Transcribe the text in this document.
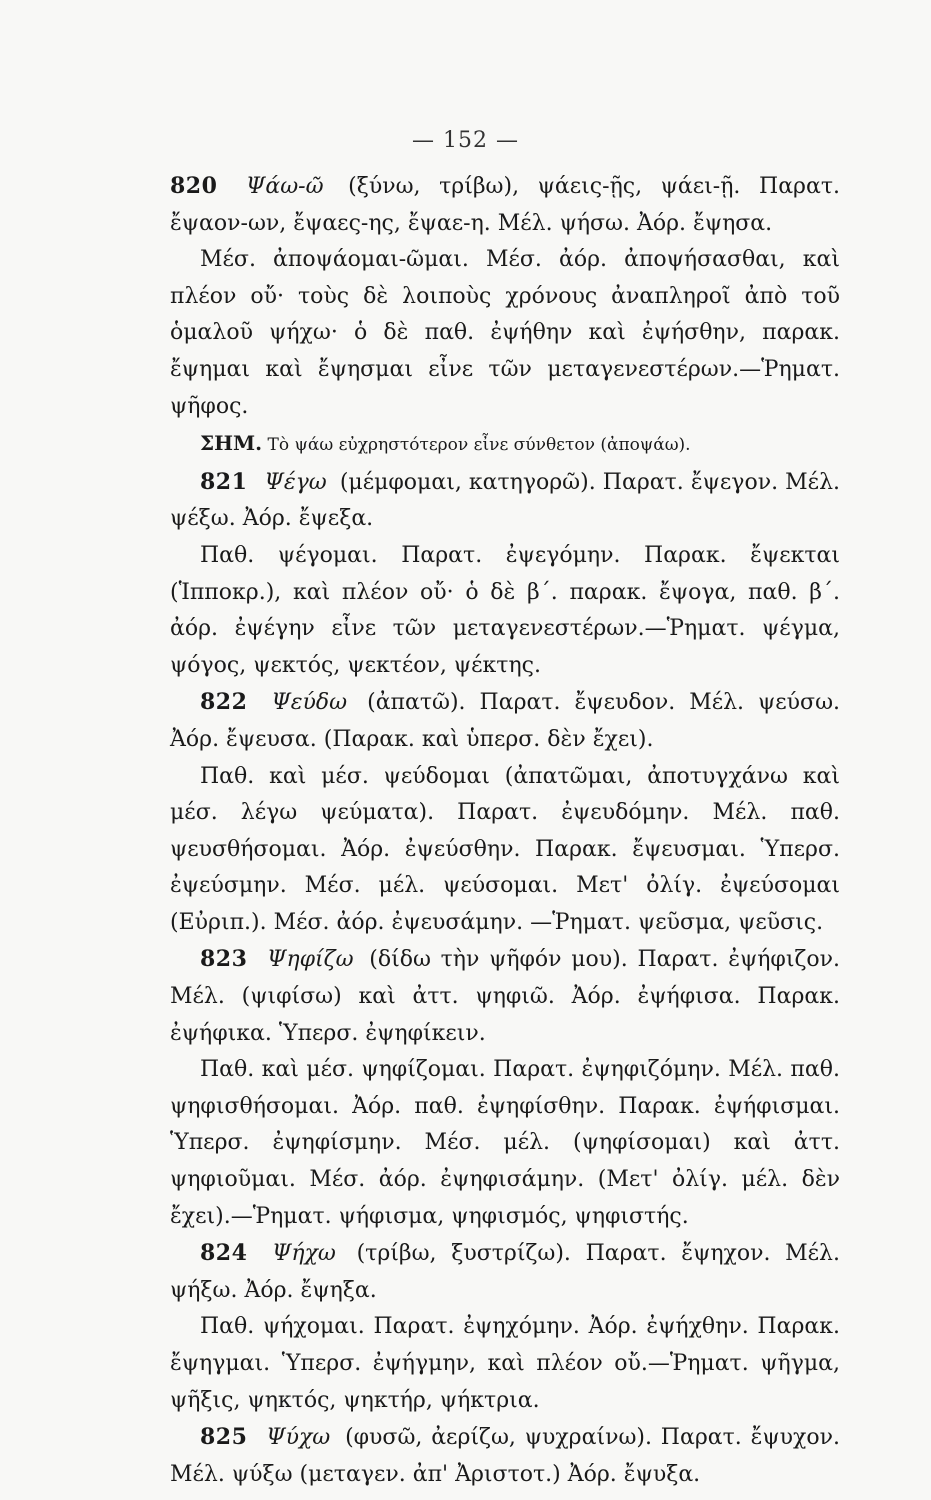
— 152 —

820 Ψάω-ῶ (ξύνω, τρίβω), ψάεις-ῇς, ψάει-ῇ. Παρατ. ἔψαον-ων, ἔψαες-ης, ἔψαε-η. Μέλ. ψήσω. Ἀόρ. ἔψησα.

Μέσ. ἀποψάομαι-ῶμαι. Μέσ. ἀόρ. ἀποψήσασθαι, καὶ πλέον οὔ· τοὺς δὲ λοιποὺς χρόνους ἀναπληροῖ ἀπὸ τοῦ ὁμαλοῦ ψήχω· ὁ δὲ παθ. ἐψήθην καὶ ἐψήσθην, παρακ. ἔψημαι καὶ ἔψησμαι εἶνε τῶν μεταγενεστέρων.—Ῥηματ. ψῆφος.

ΣΗΜ. Τὸ ψάω εὐχρηστότερον εἶνε σύνθετον (ἀποψάω).

821 Ψέγω (μέμφομαι, κατηγορῶ). Παρατ. ἔψεγον. Μέλ. ψέξω. Ἀόρ. ἔψεξα.

Παθ. ψέγομαι. Παρατ. ἐψεγόμην. Παρακ. ἔψεκται (Ἱπποκρ.), καὶ πλέον οὔ· ὁ δὲ β΄. παρακ. ἔψογα, παθ. β΄. ἀόρ. ἐψέγην εἶνε τῶν μεταγενεστέρων.—Ῥηματ. ψέγμα, ψόγος, ψεκτός, ψεκτέον, ψέκτης.

822 Ψεύδω (ἀπατῶ). Παρατ. ἔψευδον. Μέλ. ψεύσω. Ἀόρ. ἔψευσα. (Παρακ. καὶ ὑπερσ. δὲν ἔχει).

Παθ. καὶ μέσ. ψεύδομαι (ἀπατῶμαι, ἀποτυγχάνω καὶ μέσ. λέγω ψεύματα). Παρατ. ἐψευδόμην. Μέλ. παθ. ψευσθήσομαι. Ἀόρ. ἐψεύσθην. Παρακ. ἔψευσμαι. Ὑπερσ. ἐψεύσμην. Μέσ. μέλ. ψεύσομαι. Μετ' ὀλίγ. ἐψεύσομαι (Εὐριπ.). Μέσ. ἀόρ. ἐψευσάμην. —Ῥηματ. ψεῦσμα, ψεῦσις.

823 Ψηφίζω (δίδω τὴν ψῆφόν μου). Παρατ. ἐψήφιζον. Μέλ. (ψιφίσω) καὶ ἀττ. ψηφιῶ. Ἀόρ. ἐψήφισα. Παρακ. ἐψήφικα. Ὑπερσ. ἐψηφίκειν.

Παθ. καὶ μέσ. ψηφίζομαι. Παρατ. ἐψηφιζόμην. Μέλ. παθ. ψηφισθήσομαι. Ἀόρ. παθ. ἐψηφίσθην. Παρακ. ἐψήφισμαι. Ὑπερσ. ἐψηφίσμην. Μέσ. μέλ. (ψηφίσομαι) καὶ ἀττ. ψηφιοῦμαι. Μέσ. ἀόρ. ἐψηφισάμην. (Μετ' ὀλίγ. μέλ. δὲν ἔχει).—Ῥηματ. ψήφισμα, ψηφισμός, ψηφιστής.

824 Ψήχω (τρίβω, ξυστρίζω). Παρατ. ἔψηχον. Μέλ. ψήξω. Ἀόρ. ἔψηξα.

Παθ. ψήχομαι. Παρατ. ἐψηχόμην. Ἀόρ. ἐψήχθην. Παρακ. ἔψηγμαι. Ὑπερσ. ἐψήγμην, καὶ πλέον οὔ.—Ῥηματ. ψῆγμα, ψῆξις, ψηκτός, ψηκτήρ, ψήκτρια.

825 Ψύχω (φυσῶ, ἀερίζω, ψυχραίνω). Παρατ. ἔψυχον. Μέλ. ψύξω (μεταγεν. ἀπ' Ἀριστοτ.) Ἀόρ. ἔψυξα.
